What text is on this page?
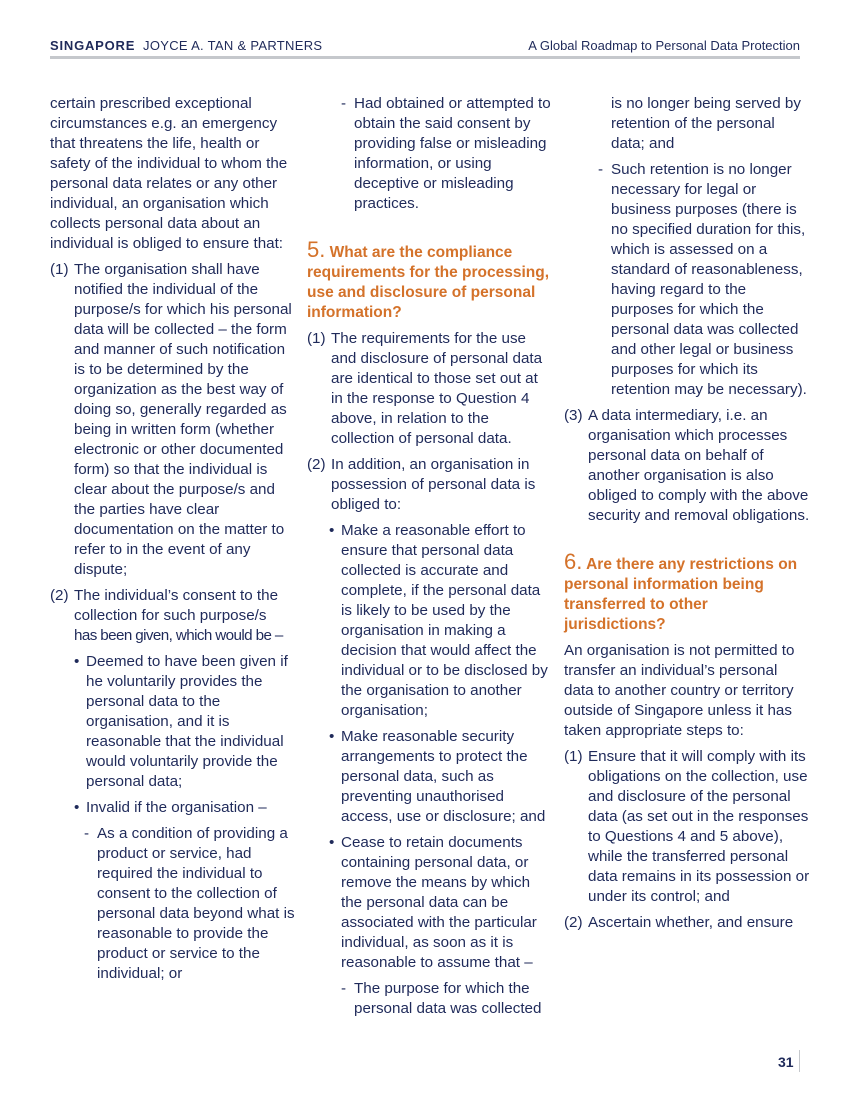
SINGAPORE JOYCE A. TAN & PARTNERS	A Global Roadmap to Personal Data Protection

certain prescribed exceptional circumstances e.g. an emergency that threatens the life, health or safety of the individual to whom the personal data relates or any other individual, an organisation which collects personal data about an individual is obliged to ensure that:

(1) The organisation shall have notified the individual of the purpose/s for which his personal data will be collected – the form and manner of such notification is to be determined by the organization as the best way of doing so, generally regarded as being in written form (whether electronic or other documented form) so that the individual is clear about the purpose/s and the parties have clear documentation on the matter to refer to in the event of any dispute;
(2) The individual’s consent to the collection for such purpose/s
has been given, which would be –
• Deemed to have been given if he voluntarily provides the personal data to the organisation, and it is reasonable that the individual would voluntarily provide the personal data;
• Invalid if the organisation –
- As a condition of providing a product or service, had required the individual to consent to the collection of personal data beyond what is reasonable to provide the product or service to the individual; or
- Had obtained or attempted to obtain the said consent by providing false or misleading information, or using deceptive or misleading practices.
5. What are the compliance requirements for the processing, use and disclosure of personal information?
(1) The requirements for the use and disclosure of personal data are identical to those set out at in the response to Question 4 above, in relation to the collection of personal data.
(2) In addition, an organisation in possession of personal data is obliged to:
• Make a reasonable effort to ensure that personal data collected is accurate and complete, if the personal data is likely to be used by the organisation in making a decision that would affect the individual or to be disclosed by the organisation to another organisation;
• Make reasonable security arrangements to protect the personal data, such as preventing unauthorised access, use or disclosure; and
• Cease to retain documents containing personal data, or remove the means by which the personal data can be associated with the particular individual, as soon as it is reasonable to assume that –
- The purpose for which the personal data was collected

is no longer being served by retention of the personal data; and

- Such retention is no longer necessary for legal or business purposes (there is no specified duration for this, which is assessed on a standard of reasonableness, having regard to the purposes for which the personal data was collected and other legal or business purposes for which its retention may be necessary).
(3) A data intermediary, i.e. an organisation which processes personal data on behalf of another organisation is also obliged to comply with the above security and removal obligations.
6. Are there any restrictions on personal information being transferred to other jurisdictions?

An organisation is not permitted to transfer an individual’s personal data to another country or territory outside of Singapore unless it has taken appropriate steps to:

(1) Ensure that it will comply with its obligations on the collection, use and disclosure of the personal data (as set out in the responses to Questions 4 and 5 above), while the transferred personal data remains in its possession or under its control; and
(2) Ascertain whether, and ensure
31
